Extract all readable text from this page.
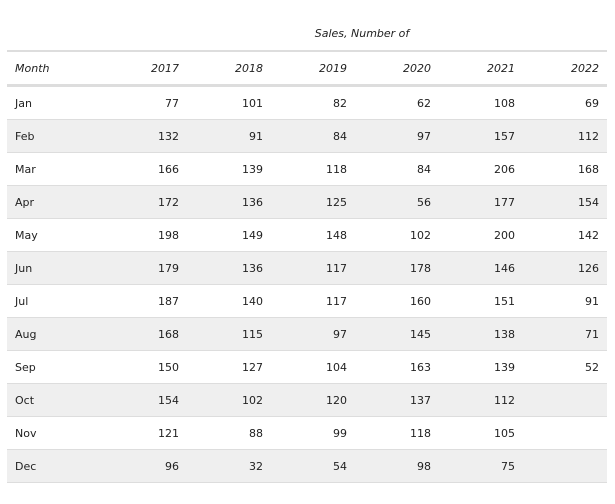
Sales, Number of
Month	2017	2018	2019	2020	2021	2022
Jan	77	101	82	62	108	69
Feb	132	91	84	97	157	112
Mar	166	139	118	84	206	168
Apr	172	136	125	56	177	154
May	198	149	148	102	200	142
Jun	179	136	117	178	146	126
Jul	187	140	117	160	151	91
Aug	168	115	97	145	138	71
Sep	150	127	104	163	139	52
Oct	154	102	120	137	112	
Nov	121	88	99	118	105	
Dec	96	32	54	98	75	
